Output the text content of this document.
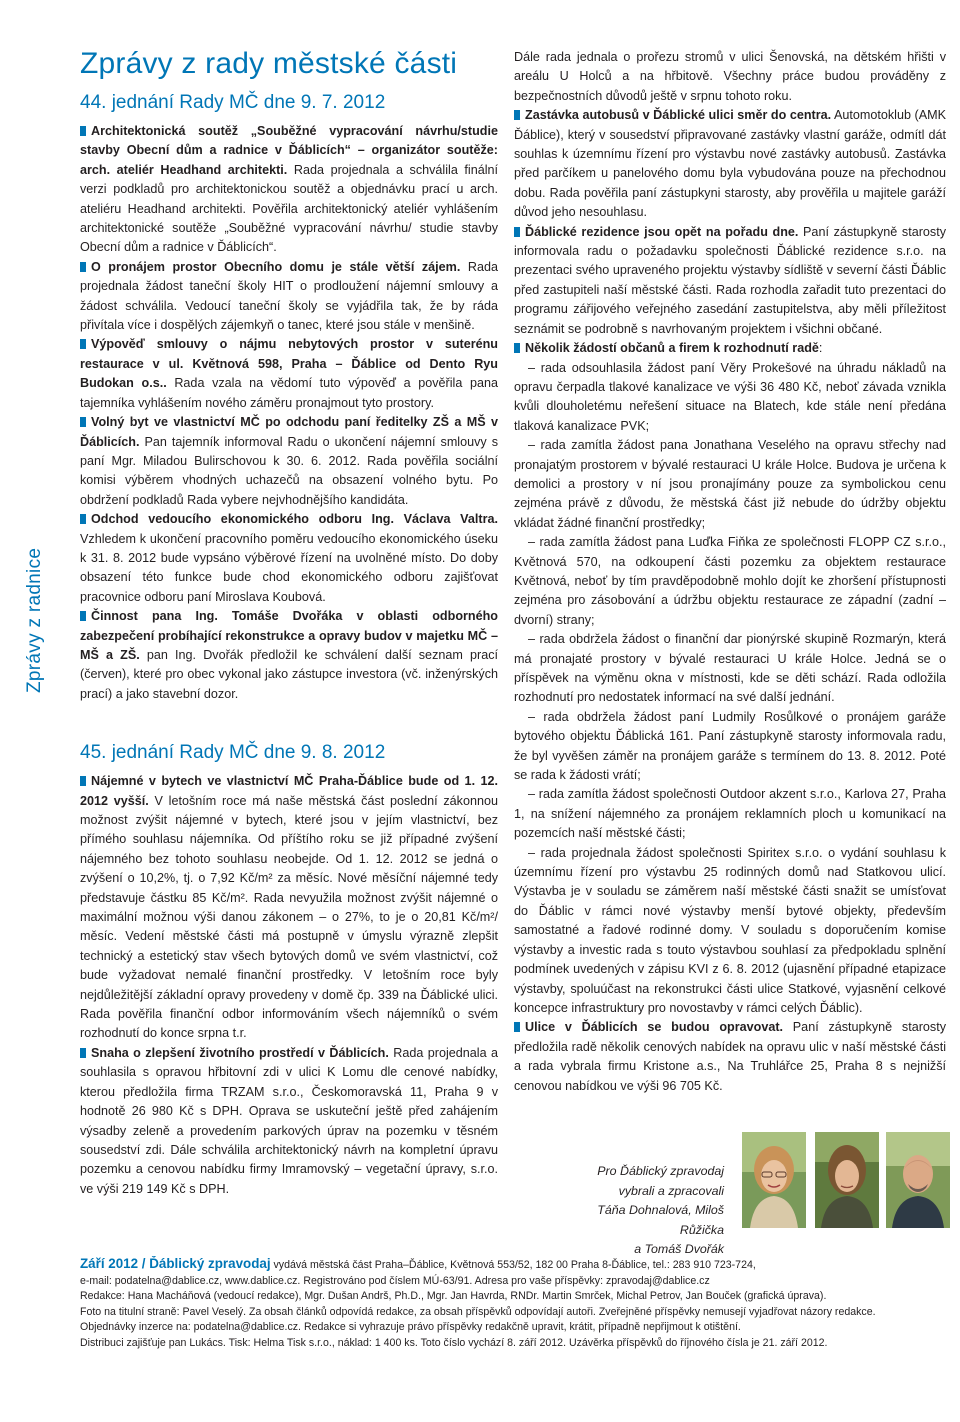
Zprávy z radnice
Zprávy z rady městské části
44. jednání Rady MČ dne 9. 7. 2012

Architektonická soutěž „Souběžné vypracování návrhu/studie stavby Obecní dům a radnice v Ďáblicích“ – organizátor soutěže: arch. ateliér Headhand architekti. Rada projednala a schválila finální verzi podkladů pro architektonickou soutěž a objednávku prací u arch. ateliéru Headhand architekti. Pověřila architektonický ateliér vyhlášením architektonické soutěže „Souběžné vypracování návrhu/ studie stavby Obecní dům a radnice v Ďáblicích“.

O pronájem prostor Obecního domu je stále větší zájem. Rada projednala žádost taneční školy HIT o prodloužení nájemní smlouvy a žádost schválila. Vedoucí taneční školy se vyjádřila tak, že by ráda přivítala více i dospělých zájemkyň o tanec, které jsou stále v menšině.

Výpověď smlouvy o nájmu nebytových prostor v suterénu restaurace v ul. Květnová 598, Praha – Ďáblice od Dento Ryu Budokan o.s.. Rada vzala na vědomí tuto výpověď a pověřila pana tajemníka vyhlášením nového záměru pronajmout tyto prostory.

Volný byt ve vlastnictví MČ po odchodu paní ředitelky ZŠ a MŠ v Ďáblicích. Pan tajemník informoval Radu o ukončení nájemní smlouvy s paní Mgr. Miladou Bulirschovou k 30. 6. 2012. Rada pověřila sociální komisi výběrem vhodných uchazečů na obsazení volného bytu. Po obdržení podkladů Rada vybere nejvhodnějšího kandidáta.

Odchod vedoucího ekonomického odboru Ing. Václava Valtra. Vzhledem k ukončení pracovního poměru vedoucího ekonomického úseku k 31. 8. 2012 bude vypsáno výběrové řízení na uvolněné místo. Do doby obsazení této funkce bude chod ekonomického odboru zajišťovat pracovnice odboru paní Miroslava Koubová.

Činnost pana Ing. Tomáše Dvořáka v oblasti odborného zabezpečení probíhající rekonstrukce a opravy budov v majetku MČ – MŠ a ZŠ. pan Ing. Dvořák předložil ke schválení další seznam prací (červen), které pro obec vykonal jako zástupce investora (vč. inženýrských prací) a jako stavební dozor.

45. jednání Rady MČ dne 9. 8. 2012

Nájemné v bytech ve vlastnictví MČ Praha-Ďáblice bude od 1. 12. 2012 vyšší. V letošním roce má naše městská část poslední zákonnou možnost zvýšit nájemné v bytech, které jsou v jejím vlastnictví, bez přímého souhlasu nájemníka. Od příštího roku se již případné zvýšení nájemného bez tohoto souhlasu neobejde. Od 1. 12. 2012 se jedná o zvýšení o 10,2%, tj. o 7,92 Kč/m² za měsíc. Nové měsíční nájemné tedy představuje částku 85 Kč/m². Rada nevyužila možnost zvýšit nájemné o maximální možnou výši danou zákonem – o 27%, to je o 20,81 Kč/m²/ měsíc. Vedení městské části má postupně v úmyslu výrazně zlepšit technický a estetický stav všech bytových domů ve svém vlastnictví, což bude vyžadovat nemalé finanční prostředky. V letošním roce byly nejdůležitější základní opravy provedeny v domě čp. 339 na Ďáblické ulici. Rada pověřila finanční odbor informováním všech nájemníků o svém rozhodnutí do konce srpna t.r.

Snaha o zlepšení životního prostředí v Ďáblicích. Rada projednala a souhlasila s opravou hřbitovní zdi v ulici K Lomu dle cenové nabídky, kterou předložila firma TRZAM s.r.o., Českomoravská 11, Praha 9 v hodnotě 26 980 Kč s DPH. Oprava se uskuteční ještě před zahájením výsadby zeleně a provedením parkových úprav na pozemku v těsném sousedství zdi. Dále schválila architektonický návrh na kompletní úpravu pozemku a cenovou nabídku firmy Imramovský – vegetační úpravy, s.r.o. ve výši 219 149 Kč s DPH.

Dále rada jednala o prořezu stromů v ulici Šenovská, na dětském hřišti v areálu U Holců a na hřbitově. Všechny práce budou prováděny z bezpečnostních důvodů ještě v srpnu tohoto roku.

Zastávka autobusů v Ďáblické ulici směr do centra. Automotoklub (AMK Ďáblice), který v sousedství připravované zastávky vlastní garáže, odmítl dát souhlas k územnímu řízení pro výstavbu nové zastávky autobusů. Zastávka před parčíkem u panelového domu byla vybudována pouze na přechodnou dobu. Rada pověřila paní zástupkyni starosty, aby prověřila u majitele garáží důvod jeho nesouhlasu.

Ďáblické rezidence jsou opět na pořadu dne. Paní zástupkyně starosty informovala radu o požadavku společnosti Ďáblické rezidence s.r.o. na prezentaci svého upraveného projektu výstavby sídliště v severní části Ďáblic před zastupiteli naší městské části. Rada rozhodla zařadit tuto prezentaci do programu zářijového veřejného zasedání zastupitelstva, aby měli příležitost seznámit se podrobně s navrhovaným projektem i všichni občané.

Několik žádostí občanů a firem k rozhodnutí radě:

– rada odsouhlasila žádost paní Věry Prokešové na úhradu nákladů na opravu čerpadla tlakové kanalizace ve výši 36 480 Kč, neboť závada vznikla kvůli dlouholetému neřešení situace na Blatech, kde stále není předána tlaková kanalizace PVK;

– rada zamítla žádost pana Jonathana Veselého na opravu střechy nad pronajatým prostorem v bývalé restauraci U krále Holce. Budova je určena k demolici a prostory v ní jsou pronajímány pouze za symbolickou cenu zejména právě z důvodu, že městská část již nebude do údržby objektu vkládat žádné finanční prostředky;

– rada zamítla žádost pana Luďka Fiňka ze společnosti FLOPP CZ s.r.o., Květnová 570, na odkoupení části pozemku za objektem restaurace Květnová, neboť by tím pravděpodobně mohlo dojít ke zhoršení přístupnosti zejména pro zásobování a údržbu objektu restaurace ze západní (zadní – dvorní) strany;

– rada obdržela žádost o finanční dar pionýrské skupině Rozmarýn, která má pronajaté prostory v bývalé restauraci U krále Holce. Jedná se o příspěvek na výměnu okna v místnosti, kde se děti schází. Rada odložila rozhodnutí pro nedostatek informací na své další jednání.

– rada obdržela žádost paní Ludmily Rosůlkové o pronájem garáže bytového objektu Ďáblická 161. Paní zástupkyně starosty informovala radu, že byl vyvěšen záměr na pronájem garáže s termínem do 13. 8. 2012. Poté se rada k žádosti vrátí;

– rada zamítla žádost společnosti Outdoor akzent s.r.o., Karlova 27, Praha 1, na snížení nájemného za pronájem reklamních ploch u komunikací na pozemcích naší městské části;

– rada projednala žádost společnosti Spiritex s.r.o. o vydání souhlasu k územnímu řízení pro výstavbu 25 rodinných domů nad Statkovou ulicí. Výstavba je v souladu se záměrem naší městské části snažit se umísťovat do Ďáblic v rámci nové výstavby menší bytové objekty, především samostatné a řadové rodinné domy. V souladu s doporučením komise výstavby a investic rada s touto výstavbou souhlasí za předpokladu splnění podmínek uvedených v zápisu KVI z 6. 8. 2012 (ujasnění případné etapizace výstavby, spoluúčast na rekonstrukci části ulice Statkové, vyjasnění celkové koncepce infrastruktury pro novostavby v rámci celých Ďáblic).

Ulice v Ďáblicích se budou opravovat. Paní zástupkyně starosty předložila radě několik cenových nabídek na opravu ulic v naší městské části a rada vybrala firmu Kristone a.s., Na Truhlářce 25, Praha 8 s nejnižší cenovou nabídkou ve výši 96 705 Kč.

Pro Ďáblický zpravodaj
vybrali a zpracovali
Táňa Dohnalová, Miloš Růžička
a Tomáš Dvořák
Září 2012 / Ďáblický zpravodaj vydává městská část Praha–Ďáblice, Květnová 553/52, 182 00 Praha 8-Ďáblice, tel.: 283 910 723-724,
e-mail: podatelna@dablice.cz, www.dablice.cz. Registrováno pod číslem MÚ-63/91. Adresa pro vaše příspěvky: zpravodaj@dablice.cz
Redakce: Hana Macháňová (vedoucí redakce), Mgr. Dušan Andrš, Ph.D., Mgr. Jan Havrda, RNDr. Martin Smrček, Michal Petrov, Jan Bouček (grafická úprava).
Foto na titulní straně: Pavel Veselý. Za obsah článků odpovídá redakce, za obsah příspěvků odpovídají autoři. Zveřejněné příspěvky nemusejí vyjadřovat názory redakce.
Objednávky inzerce na: podatelna@dablice.cz. Redakce si vyhrazuje právo příspěvky redakčně upravit, krátit, případně nepřijmout k otištění.
Distribuci zajišťuje pan Lukács. Tisk: Helma Tisk s.r.o., náklad: 1 400 ks. Toto číslo vychází 8. září 2012. Uzávěrka příspěvků do říjnového čísla je 21. září 2012.
